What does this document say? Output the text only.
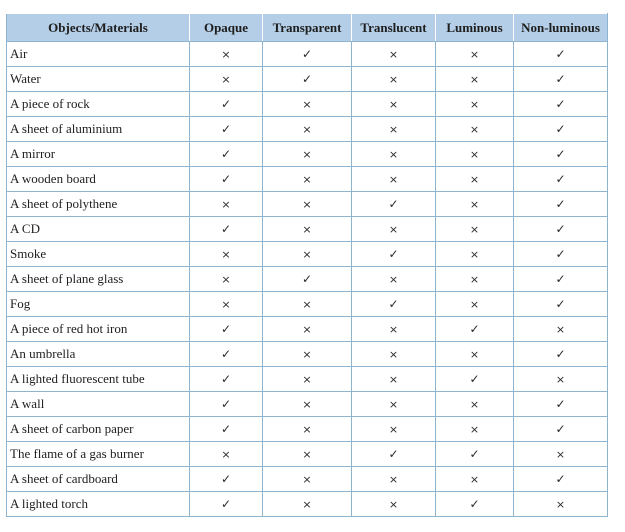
Objects/Materials	Opaque	Transparent	Translucent	Luminous	Non-luminous
Air	×	✓	×	×	✓
Water	×	✓	×	×	✓
A piece of rock	✓	×	×	×	✓
A sheet of aluminium	✓	×	×	×	✓
A mirror	✓	×	×	×	✓
A wooden board	✓	×	×	×	✓
A sheet of polythene	×	×	✓	×	✓
A CD	✓	×	×	×	✓
Smoke	×	×	✓	×	✓
A sheet of plane glass	×	✓	×	×	✓
Fog	×	×	✓	×	✓
A piece of red hot iron	✓	×	×	✓	×
An umbrella	✓	×	×	×	✓
A lighted fluorescent tube	✓	×	×	✓	×
A wall	✓	×	×	×	✓
A sheet of carbon paper	✓	×	×	×	✓
The flame of a gas burner	×	×	✓	✓	×
A sheet of cardboard	✓	×	×	×	✓
A lighted torch	✓	×	×	✓	×
